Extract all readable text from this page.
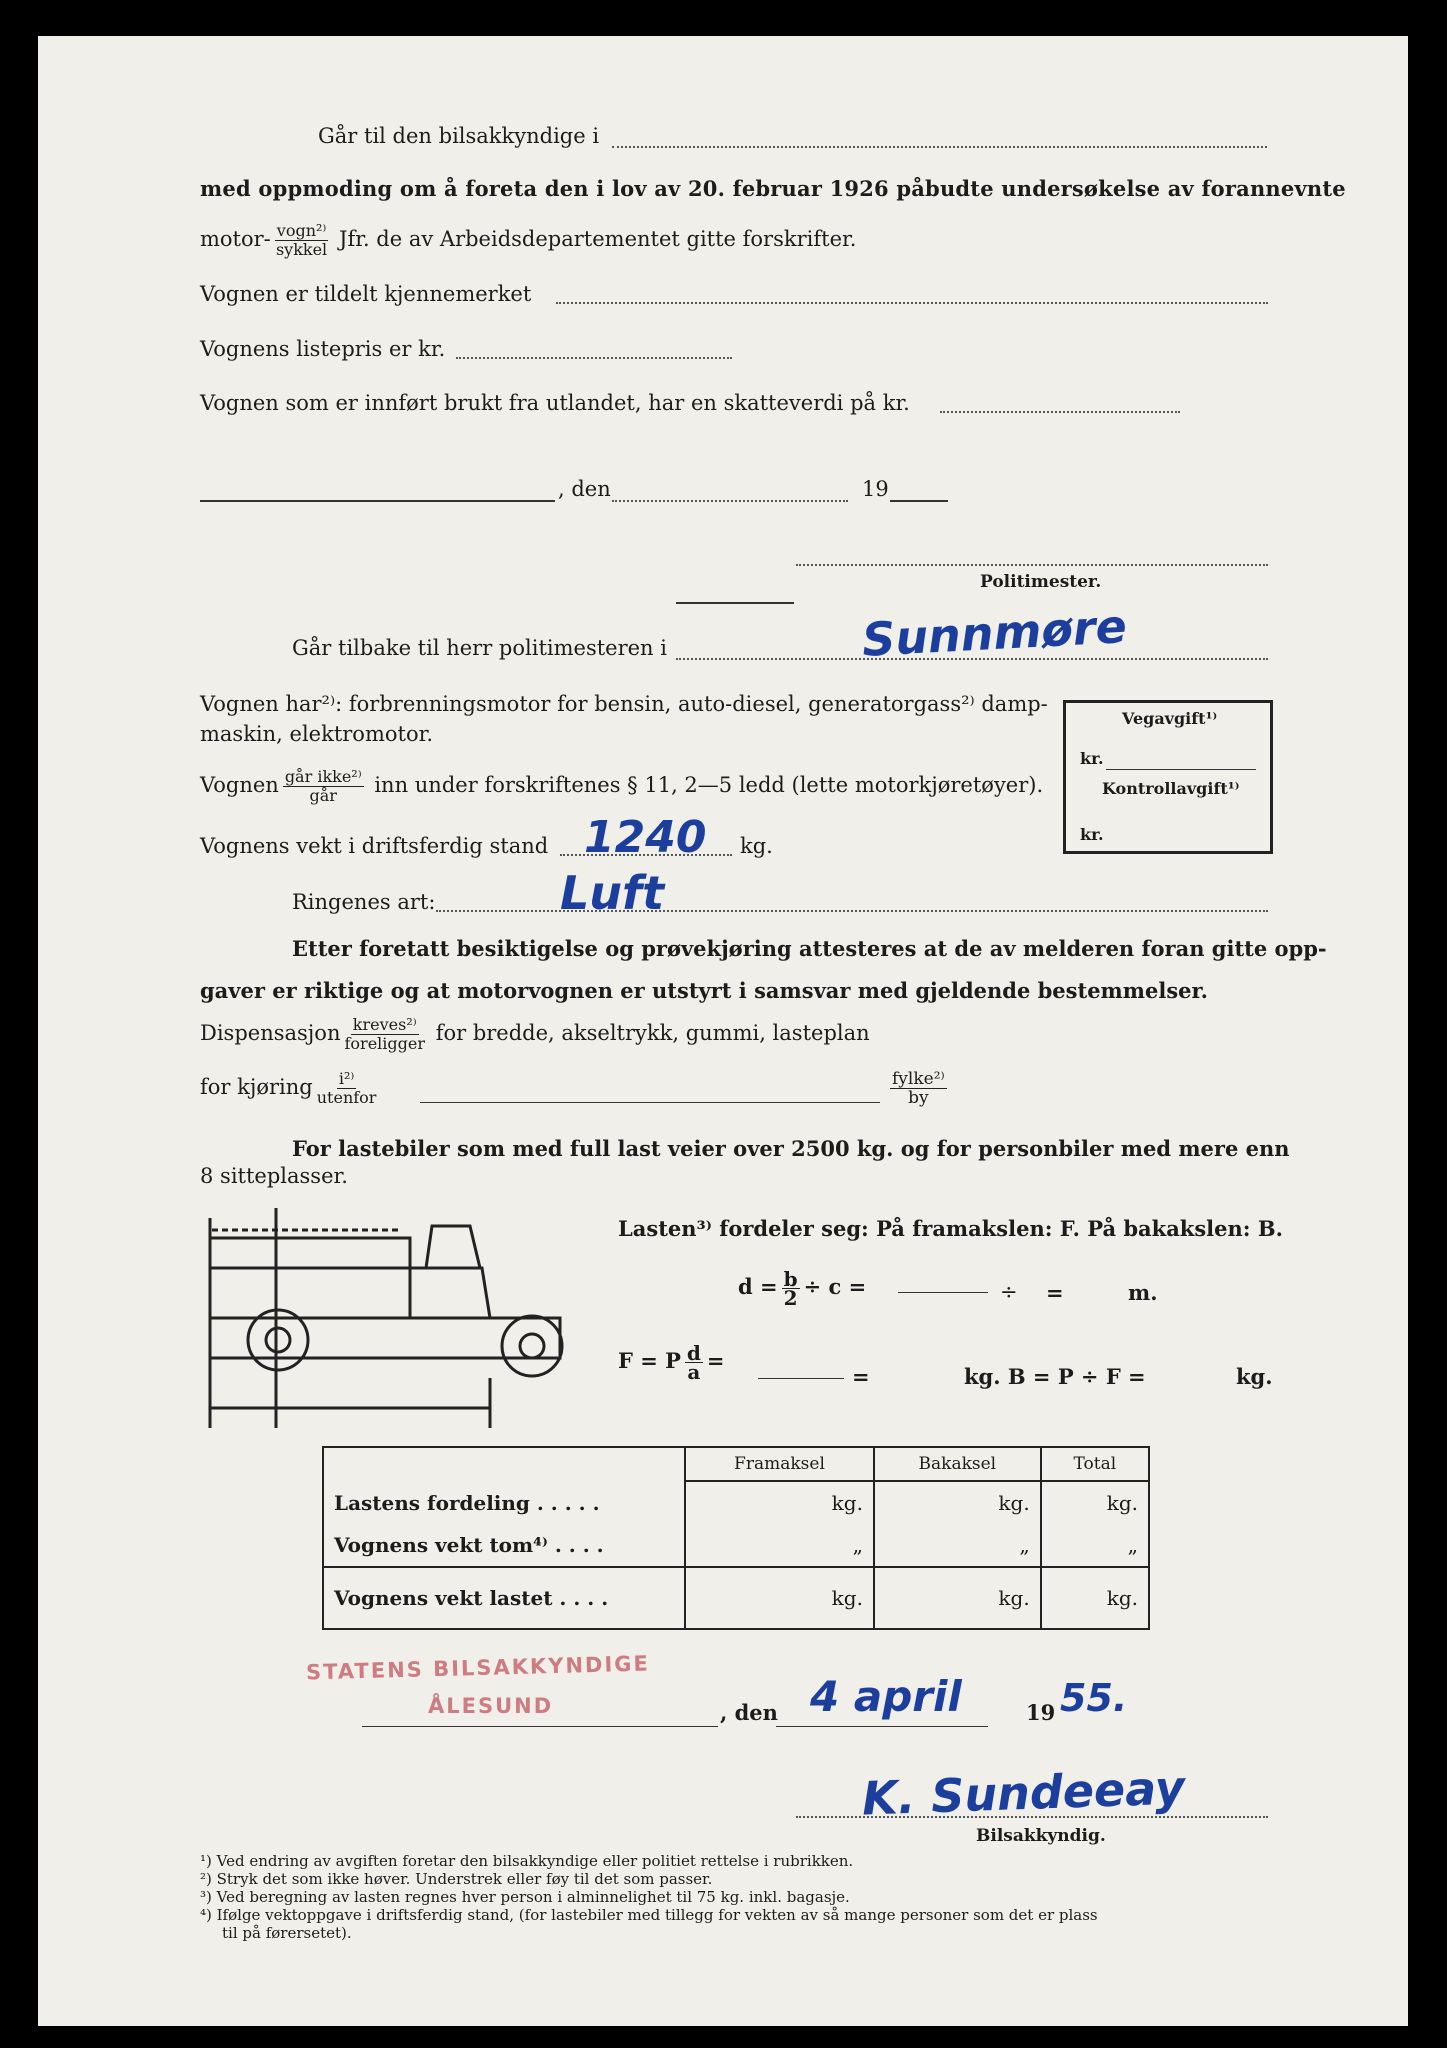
Går til den bilsakkyndige i
med oppmoding om å foreta den i lov av 20. februar 1926 påbudte undersøkelse av forannevnte
motor- $\frac{\text{vogn²⁾}}{\text{sykkel}}$ Jfr. de av Arbeidsdepartementet gitte forskrifter.
Vognen er tildelt kjennemerket
Vognens listepris er kr.
Vognen som er innført brukt fra utlandet, har en skatteverdi på kr.
, den	19
Politimester.
Går tilbake til herr politimesteren i	Sunnmøre
Vognen har²⁾: forbrenningsmotor for bensin, auto-diesel, generatorgass²⁾ damp-
maskin, elektromotor.
Vegavgift¹⁾
kr.
Kontrollavgift¹⁾
kr.
Vognen $\frac{\text{går ikke²⁾}}{\text{går}}$ inn under forskriftenes § 11, 2—5 ledd (lette motorkjøretøyer).
Vognens vekt i driftsferdig stand 1240 kg.
Ringenes art:	Luft
Etter foretatt besiktigelse og prøvekjøring attesteres at de av melderen foran gitte opp-
gaver er riktige og at motorvognen er utstyrt i samsvar med gjeldende bestemmelser.
Dispensasjon $\frac{\text{kreves²⁾}}{\text{foreligger}}$ for bredde, akseltrykk, gummi, lasteplan
for kjøring $\frac{\text{i²⁾}}{\text{utenfor}}$	$\frac{\text{fylke²⁾}}{by}$
For lastebiler som med full last veier over 2500 kg. og for personbiler med mere enn
8 sitteplasser.
Lasten³⁾ fordeler seg: På framakslen: F. På bakakslen: B.
$d = \frac{b}{2} \div c$ =	÷ =	m.
F = P $\frac{d}{a}$ =
=	kg. B = P ÷ F =	kg.
	Framaksel	Bakaksel	Total
Lastens fordeling . . . . .	kg.	kg.	kg.
Vognens vekt tom⁴⁾ . . . .	„	„	„
Vognens vekt lastet . . . .	kg.	kg.	kg.
STATENS BILSAKKYNDIGE
ÅLESUND	, den 4 april	19 55.
K. Sundeeay
Bilsakkyndig.
¹) Ved endring av avgiften foretar den bilsakkyndige eller politiet rettelse i rubrikken.
²) Stryk det som ikke høver. Understrek eller føy til det som passer.
³) Ved beregning av lasten regnes hver person i alminnelighet til 75 kg. inkl. bagasje.
⁴) Ifølge vektoppgave i driftsferdig stand, (for lastebiler med tillegg for vekten av så mange personer som det er plass
til på førersetet).
